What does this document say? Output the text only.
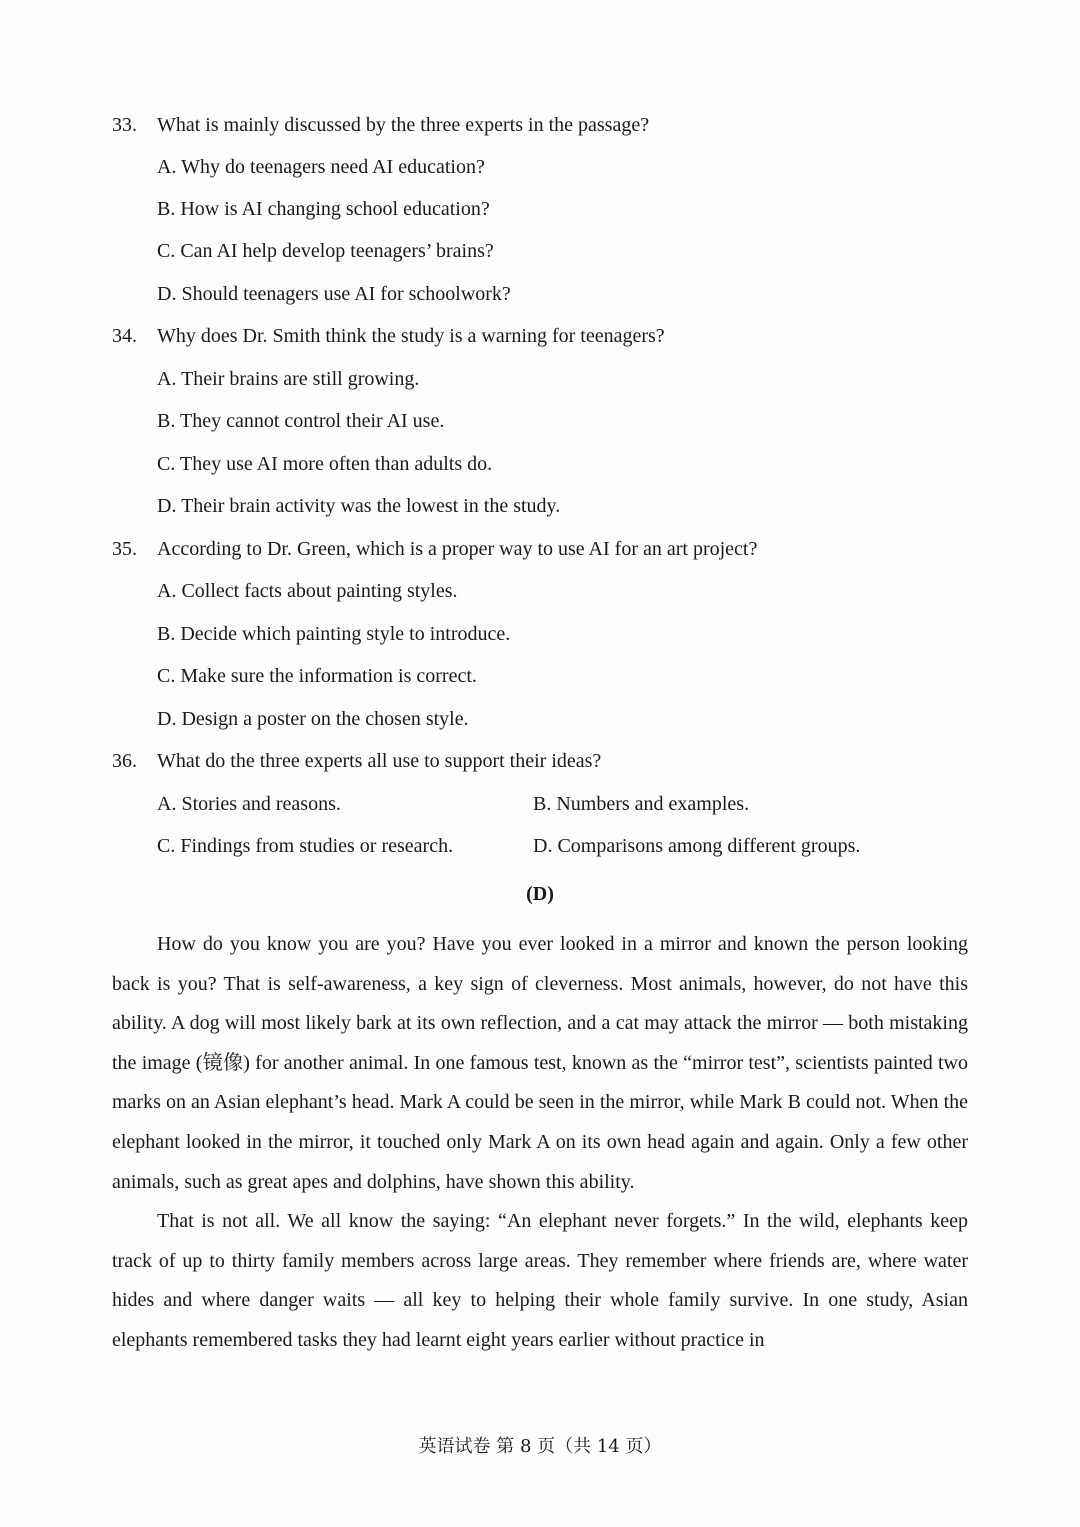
33. What is mainly discussed by the three experts in the passage?
A. Why do teenagers need AI education?
B. How is AI changing school education?
C. Can AI help develop teenagers’ brains?
D. Should teenagers use AI for schoolwork?
34. Why does Dr. Smith think the study is a warning for teenagers?
A. Their brains are still growing.
B. They cannot control their AI use.
C. They use AI more often than adults do.
D. Their brain activity was the lowest in the study.
35. According to Dr. Green, which is a proper way to use AI for an art project?
A. Collect facts about painting styles.
B. Decide which painting style to introduce.
C. Make sure the information is correct.
D. Design a poster on the chosen style.
36. What do the three experts all use to support their ideas?
A. Stories and reasons.	B. Numbers and examples.
C. Findings from studies or research.	D. Comparisons among different groups.
(D)

How do you know you are you? Have you ever looked in a mirror and known the person looking back is you? That is self-awareness, a key sign of cleverness. Most animals, however, do not have this ability. A dog will most likely bark at its own reflection, and a cat may attack the mirror — both mistaking the image (镜像) for another animal. In one famous test, known as the “mirror test”, scientists painted two marks on an Asian elephant’s head. Mark A could be seen in the mirror, while Mark B could not. When the elephant looked in the mirror, it touched only Mark A on its own head again and again. Only a few other animals, such as great apes and dolphins, have shown this ability.

That is not all. We all know the saying: “An elephant never forgets.” In the wild, elephants keep track of up to thirty family members across large areas. They remember where friends are, where water hides and where danger waits — all key to helping their whole family survive. In one study, Asian elephants remembered tasks they had learnt eight years earlier without practice in

英语试卷 第 8 页（共 14 页）
